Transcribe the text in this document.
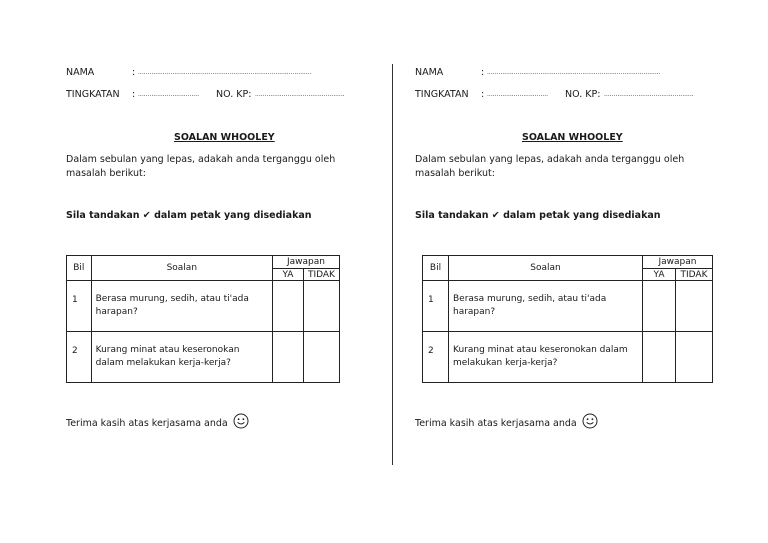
NAMA	: ...........................................................................................
TINGKATAN : ................................ NO. KP: ...............................................
SOALAN WHOOLEY
Dalam sebulan yang lepas, adakah anda terganggu oleh masalah berikut:
Sila tandakan ✔ dalam petak yang disediakan
Bil	Soalan	Jawapan	
		YA	TIDAK
1	Berasa murung, sedih, atau ti'ada harapan?		
2	Kurang minat atau keseronokan dalam melakukan kerja-kerja?		
Terima kasih atas kerjasama anda
NAMA	: ...........................................................................................
TINGKATAN : ................................ NO. KP: ...............................................
SOALAN WHOOLEY
Dalam sebulan yang lepas, adakah anda terganggu oleh masalah berikut:
Sila tandakan ✔ dalam petak yang disediakan
Bil	Soalan	Jawapan	
		YA	TIDAK
1	Berasa murung, sedih, atau ti'ada harapan?		
2	Kurang minat atau keseronokan dalam melakukan kerja-kerja?		
Terima kasih atas kerjasama anda
